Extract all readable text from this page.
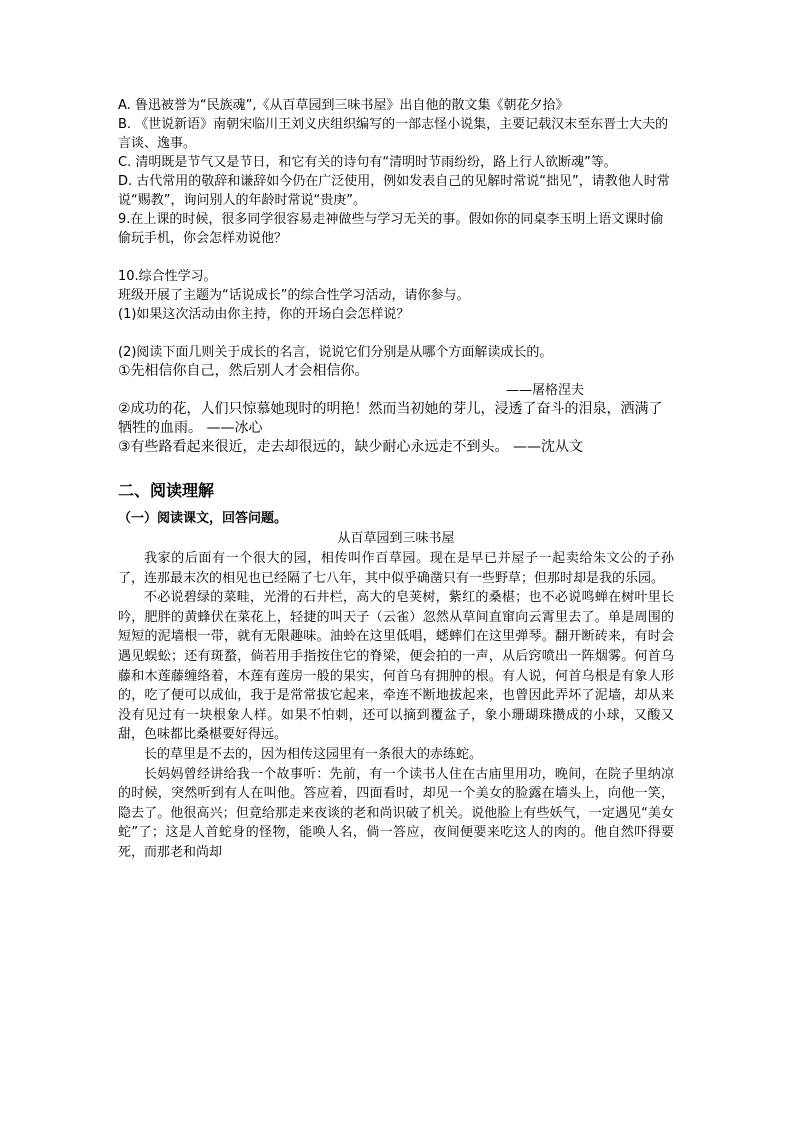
A. 鲁迅被誉为“民族魂”,《从百草园到三味书屋》出自他的散文集《朝花夕拾》

B. 《世说新语》南朝宋临川王刘义庆组织编写的一部志怪小说集，主要记载汉末至东晋士大夫的言谈、逸事。

C. 清明既是节气又是节日，和它有关的诗句有“清明时节雨纷纷，路上行人欲断魂”等。

D. 古代常用的敬辞和谦辞如今仍在广泛使用，例如发表自己的见解时常说“拙见”，请教他人时常说“赐教”，询问别人的年龄时常说“贵庚”。

9.在上课的时候，很多同学很容易走神做些与学习无关的事。假如你的同桌李玉明上语文课时偷偷玩手机，你会怎样劝说他？

10.综合性学习。

班级开展了主题为“话说成长”的综合性学习活动，请你参与。

(1)如果这次活动由你主持，你的开场白会怎样说？

(2)阅读下面几则关于成长的名言，说说它们分别是从哪个方面解读成长的。

①先相信你自己，然后别人才会相信你。

——屠格涅夫

②成功的花，人们只惊慕她现时的明艳！然而当初她的芽儿，浸透了奋斗的泪泉，洒满了牺牲的血雨。 ——冰心

③有些路看起来很近，走去却很远的，缺少耐心永远走不到头。 ——沈从文

二、阅读理解

（一）阅读课文，回答问题。

从百草园到三味书屋

我家的后面有一个很大的园，相传叫作百草园。现在是早已并屋子一起卖给朱文公的子孙了，连那最末次的相见也已经隔了七八年，其中似乎确凿只有一些野草；但那时却是我的乐园。

不必说碧绿的菜畦，光滑的石井栏，高大的皂荚树，紫红的桑椹；也不必说鸣蝉在树叶里长吟，肥胖的黄蜂伏在菜花上，轻捷的叫天子（云雀）忽然从草间直窜向云霄里去了。单是周围的短短的泥墙根一带，就有无限趣味。油蛉在这里低唱，蟋蟀们在这里弹琴。翻开断砖来，有时会遇见蜈蚣；还有斑蝥，倘若用手指按住它的脊梁，便会拍的一声，从后窍喷出一阵烟雾。何首乌藤和木莲藤缠络着，木莲有莲房一般的果实，何首乌有拥肿的根。有人说，何首乌根是有象人形的，吃了便可以成仙，我于是常常拔它起来，牵连不断地拔起来，也曾因此弄坏了泥墙，却从来没有见过有一块根象人样。如果不怕刺，还可以摘到覆盆子，象小珊瑚珠攒成的小球，又酸又甜，色味都比桑椹要好得远。

长的草里是不去的，因为相传这园里有一条很大的赤练蛇。

长妈妈曾经讲给我一个故事听：先前，有一个读书人住在古庙里用功，晚间，在院子里纳凉的时候，突然听到有人在叫他。答应着，四面看时，却见一个美女的脸露在墙头上，向他一笑，隐去了。他很高兴；但竟给那走来夜谈的老和尚识破了机关。说他脸上有些妖气，一定遇见“美女蛇”了；这是人首蛇身的怪物，能唤人名，倘一答应，夜间便要来吃这人的肉的。他自然吓得要死，而那老和尚却
